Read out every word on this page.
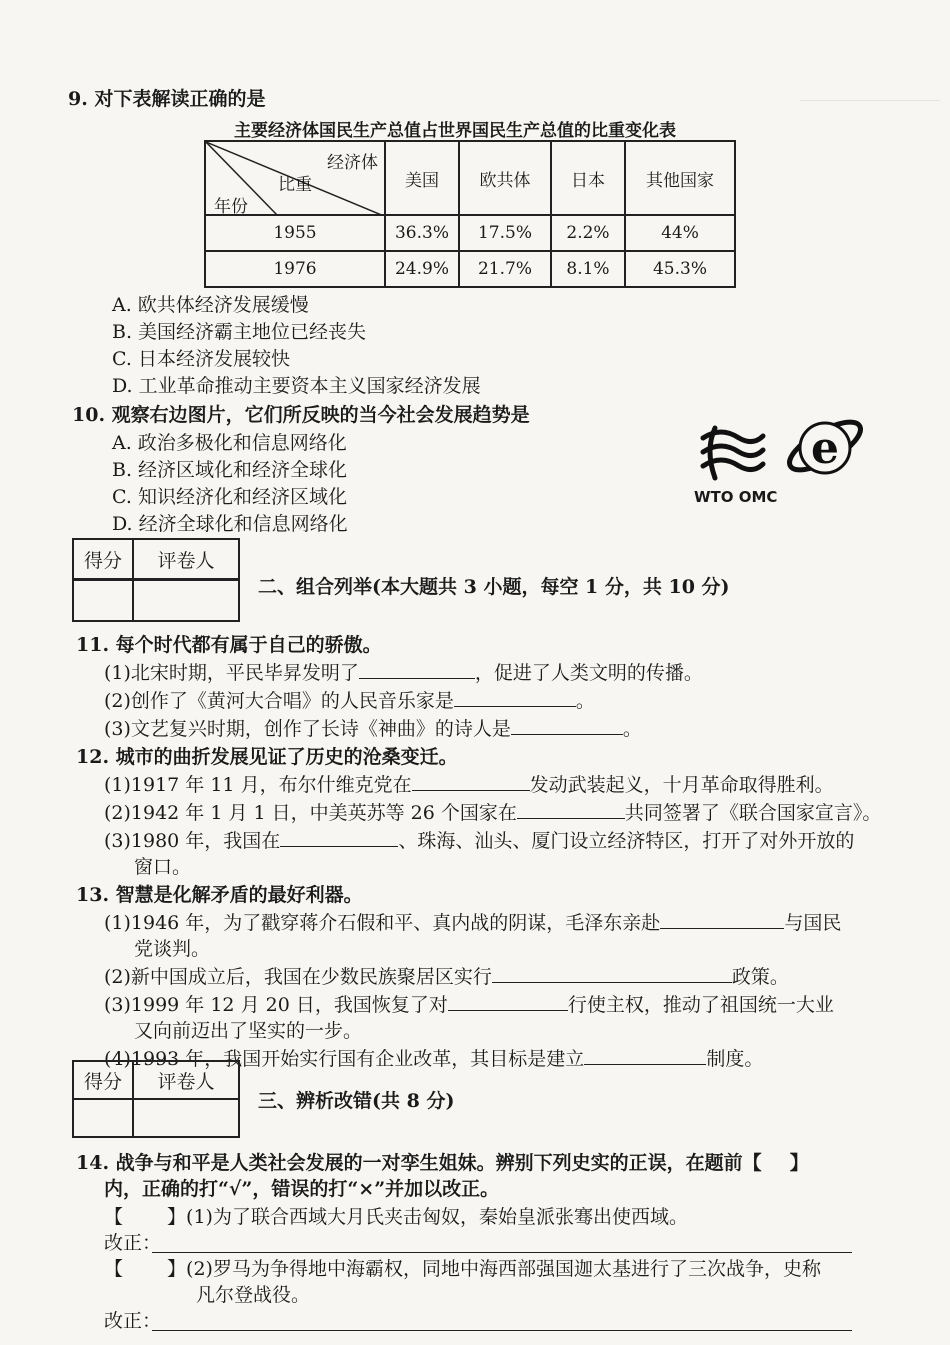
9. 对下表解读正确的是
主要经济体国民生产总值占世界国民生产总值的比重变化表
经济体
比重
年份	美国	欧共体	日本	其他国家
1955	36.3%	17.5%	2.2%	44%
1976	24.9%	21.7%	8.1%	45.3%
A. 欧共体经济发展缓慢
B. 美国经济霸主地位已经丧失
C. 日本经济发展较快
D. 工业革命推动主要资本主义国家经济发展
10. 观察右边图片，它们所反映的当今社会发展趋势是
A. 政治多极化和信息网络化
B. 经济区域化和经济全球化
C. 知识经济化和经济区域化
D. 经济全球化和信息网络化
WTO OMC
e
得分	评卷人

二、组合列举(本大题共 3 小题，每空 1 分，共 10 分)
11. 每个时代都有属于自己的骄傲。
(1)北宋时期，平民毕昇发明了	，促进了人类文明的传播。
(2)创作了《黄河大合唱》的人民音乐家是	。
(3)文艺复兴时期，创作了长诗《神曲》的诗人是	。
12. 城市的曲折发展见证了历史的沧桑变迁。
(1)1917 年 11 月，布尔什维克党在	发动武装起义，十月革命取得胜利。
(2)1942 年 1 月 1 日，中美英苏等 26 个国家在	共同签署了《联合国家宣言》。
(3)1980 年，我国在	、珠海、汕头、厦门设立经济特区，打开了对外开放的
窗口。
13. 智慧是化解矛盾的最好利器。
(1)1946 年，为了戳穿蒋介石假和平、真内战的阴谋，毛泽东亲赴	与国民
党谈判。
(2)新中国成立后，我国在少数民族聚居区实行	政策。
(3)1999 年 12 月 20 日，我国恢复了对	行使主权，推动了祖国统一大业
又向前迈出了坚实的一步。
(4)1993 年，我国开始实行国有企业改革，其目标是建立	制度。
得分	评卷人

三、辨析改错(共 8 分)
14. 战争与和平是人类社会发展的一对孪生姐妹。辨别下列史实的正误，在题前【 】
内，正确的打“√”，错误的打“×”并加以改正。
【 】(1)为了联合西域大月氏夹击匈奴，秦始皇派张骞出使西域。
改正：
【 】(2)罗马为争得地中海霸权，同地中海西部强国迦太基进行了三次战争，史称
凡尔登战役。
改正：
